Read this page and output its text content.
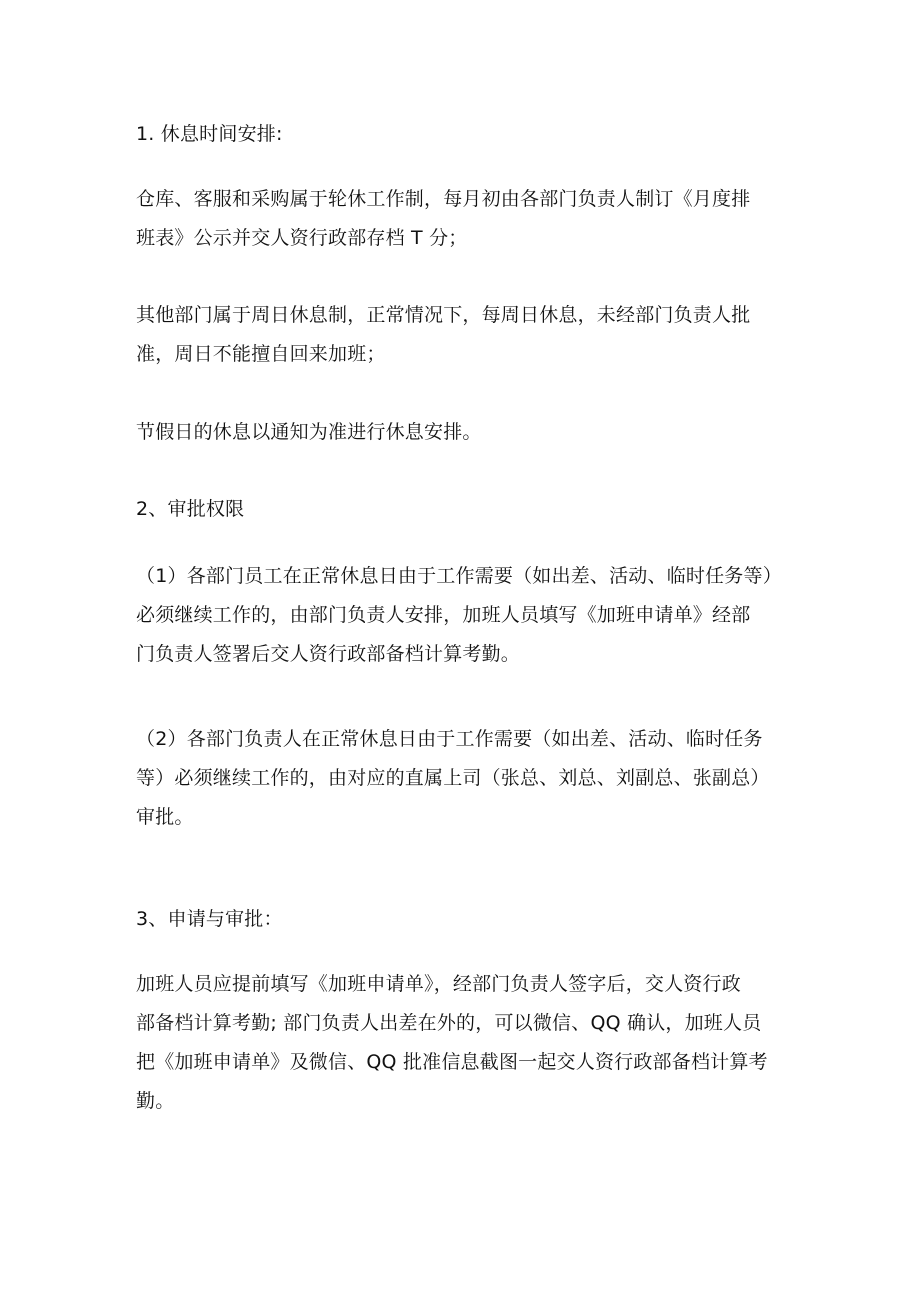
1. 休息时间安排:

仓库、客服和采购属于轮休工作制，每月初由各部门负责人制订《月度排
班表》公示并交人资行政部存档 T 分；

其他部门属于周日休息制，正常情况下，每周日休息，未经部门负责人批
准，周日不能擅自回来加班；

节假日的休息以通知为准进行休息安排。

2、审批权限

（1）各部门员工在正常休息日由于工作需要（如出差、活动、临时任务等）
必须继续工作的，由部门负责人安排，加班人员填写《加班申请单》经部
门负责人签署后交人资行政部备档计算考勤。

（2）各部门负责人在正常休息日由于工作需要（如出差、活动、临时任务
等）必须继续工作的，由对应的直属上司（张总、刘总、刘副总、张副总）
审批。

3、申请与审批：

加班人员应提前填写《加班申请单》，经部门负责人签字后，交人资行政
部备档计算考勤; 部门负责人出差在外的，可以微信、QQ 确认，加班人员
把《加班申请单》及微信、QQ 批准信息截图一起交人资行政部备档计算考
勤。
